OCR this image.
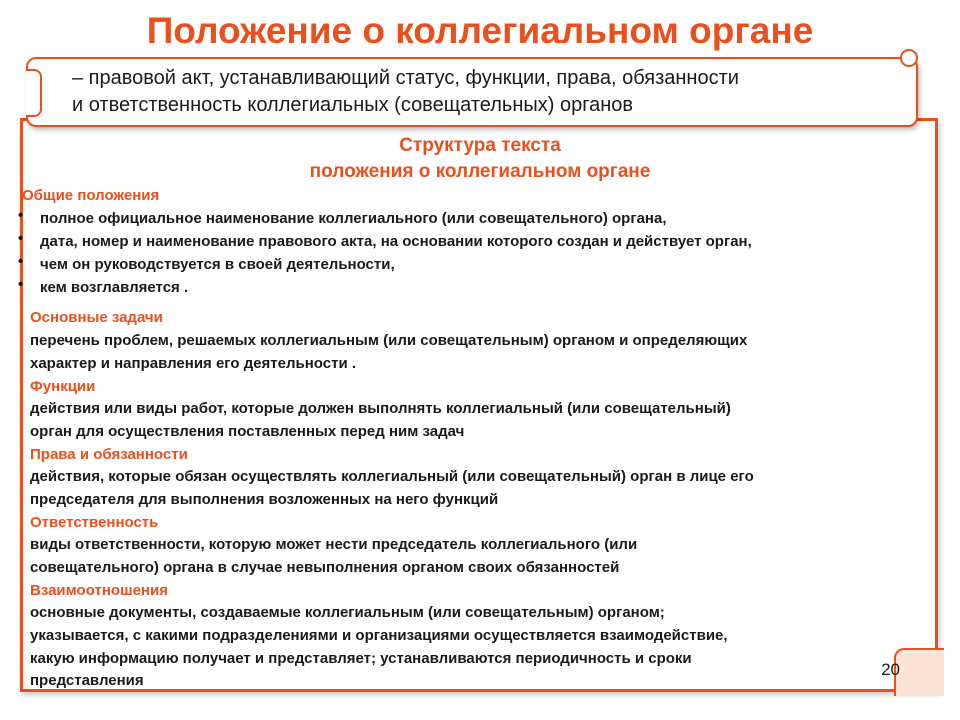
Положение о коллегиальном органе
20
– правовой акт, устанавливающий статус, функции, права, обязанности
и ответственность коллегиальных (совещательных) органов
Структура текста
положения о коллегиальном органе
Общие положения
• полное официальное наименование коллегиального (или совещательного) органа,
• дата, номер и наименование правового акта, на основании которого создан и действует орган,
• чем он руководствуется в своей деятельности,
• кем возглавляется .
Основные задачи
перечень проблем, решаемых коллегиальным (или совещательным) органом и определяющих
характер и направления его деятельности .
Функции
действия или виды работ, которые должен выполнять коллегиальный (или совещательный)
орган для осуществления поставленных перед ним задач
Права и обязанности
действия, которые обязан осуществлять коллегиальный (или совещательный) орган в лице его
председателя для выполнения возложенных на него функций
Ответственность
виды ответственности, которую может нести председатель коллегиального (или
совещательного) органа в случае невыполнения органом своих обязанностей
Взаимоотношения
основные документы, создаваемые коллегиальным (или совещательным) органом;
указывается, с какими подразделениями и организациями осуществляется взаимодействие,
какую информацию получает и представляет; устанавливаются периодичность и сроки
представления
